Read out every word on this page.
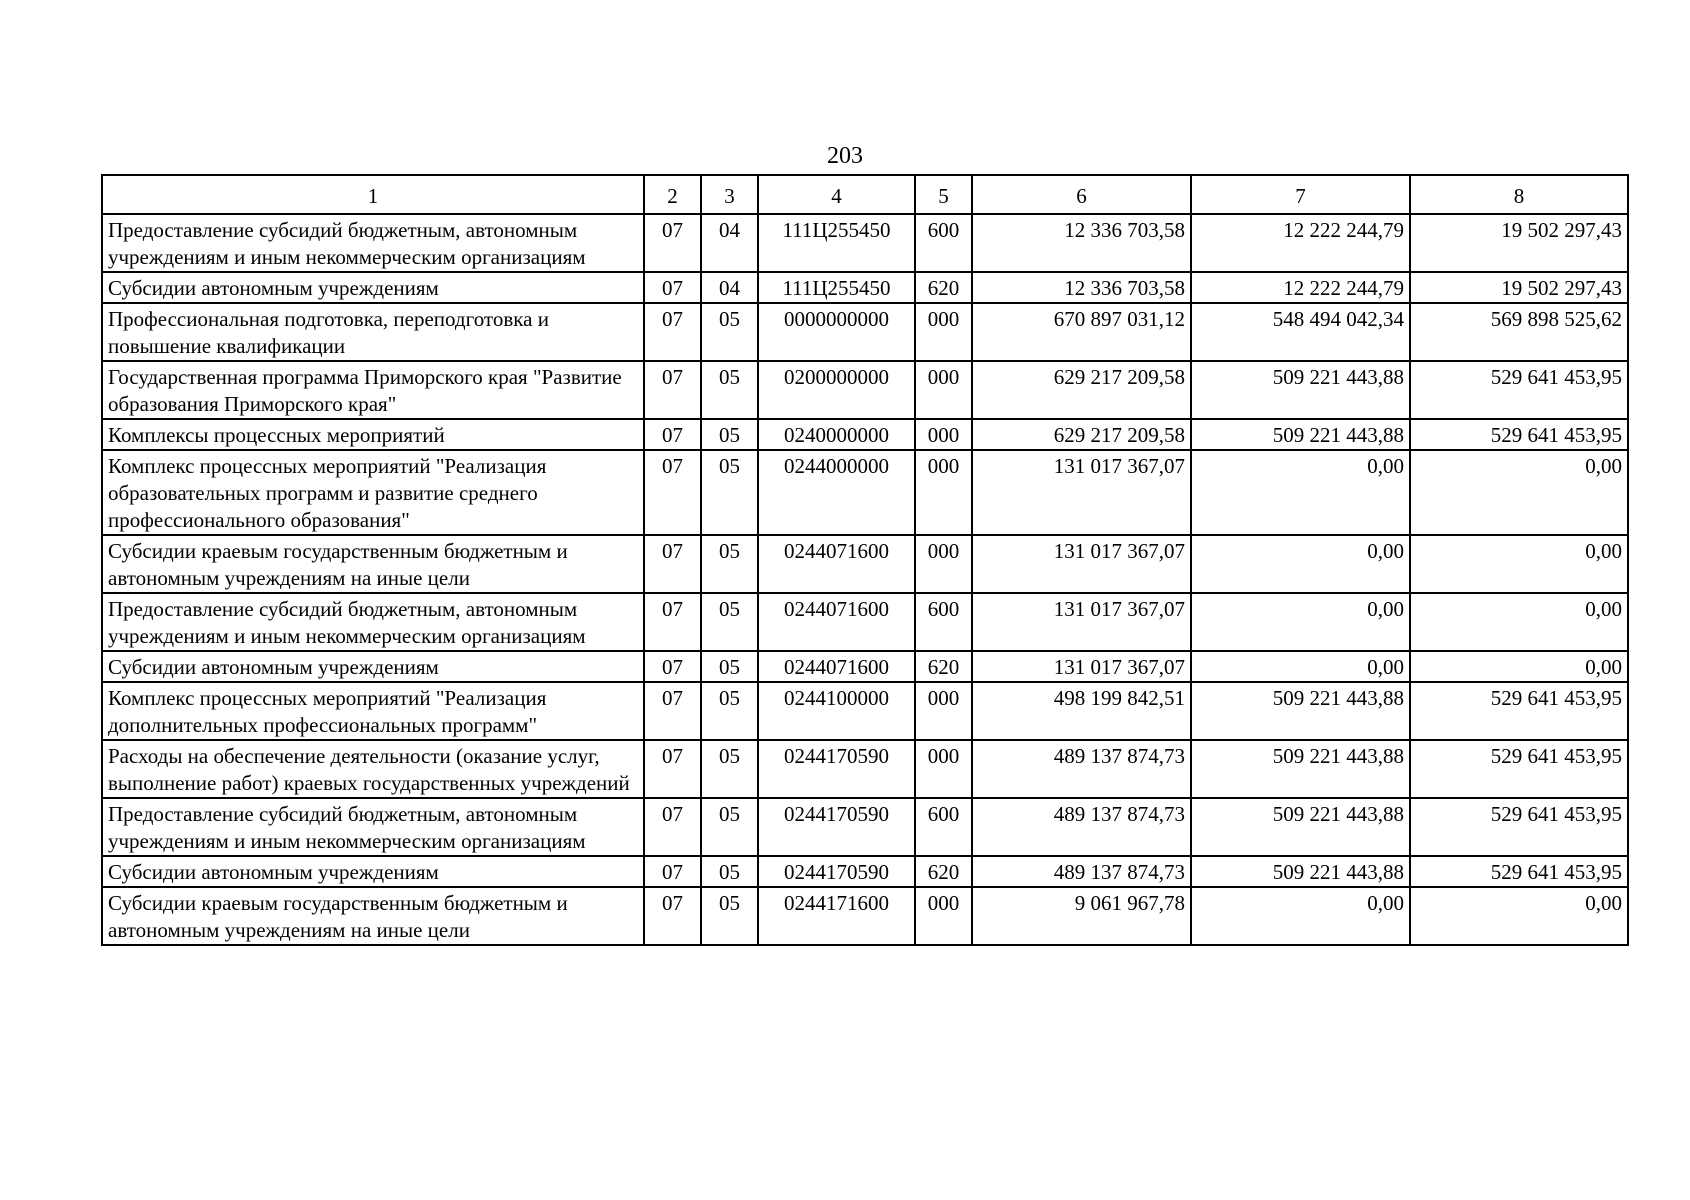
203
1	2	3	4	5	6	7	8
Предоставление субсидий бюджетным, автономным учреждениям и иным некоммерческим организациям	07	04	111Ц255450	600	12 336 703,58	12 222 244,79	19 502 297,43
Субсидии автономным учреждениям	07	04	111Ц255450	620	12 336 703,58	12 222 244,79	19 502 297,43
Профессиональная подготовка, переподготовка и повышение квалификации	07	05	0000000000	000	670 897 031,12	548 494 042,34	569 898 525,62
Государственная программа Приморского края "Развитие образования Приморского края"	07	05	0200000000	000	629 217 209,58	509 221 443,88	529 641 453,95
Комплексы процессных мероприятий	07	05	0240000000	000	629 217 209,58	509 221 443,88	529 641 453,95
Комплекс процессных мероприятий "Реализация образовательных программ и развитие среднего профессионального образования"	07	05	0244000000	000	131 017 367,07	0,00	0,00
Субсидии краевым государственным бюджетным и автономным учреждениям на иные цели	07	05	0244071600	000	131 017 367,07	0,00	0,00
Предоставление субсидий бюджетным, автономным учреждениям и иным некоммерческим организациям	07	05	0244071600	600	131 017 367,07	0,00	0,00
Субсидии автономным учреждениям	07	05	0244071600	620	131 017 367,07	0,00	0,00
Комплекс процессных мероприятий "Реализация дополнительных профессиональных программ"	07	05	0244100000	000	498 199 842,51	509 221 443,88	529 641 453,95
Расходы на обеспечение деятельности (оказание услуг, выполнение работ) краевых государственных учреждений	07	05	0244170590	000	489 137 874,73	509 221 443,88	529 641 453,95
Предоставление субсидий бюджетным, автономным учреждениям и иным некоммерческим организациям	07	05	0244170590	600	489 137 874,73	509 221 443,88	529 641 453,95
Субсидии автономным учреждениям	07	05	0244170590	620	489 137 874,73	509 221 443,88	529 641 453,95
Субсидии краевым государственным бюджетным и автономным учреждениям на иные цели	07	05	0244171600	000	9 061 967,78	0,00	0,00
